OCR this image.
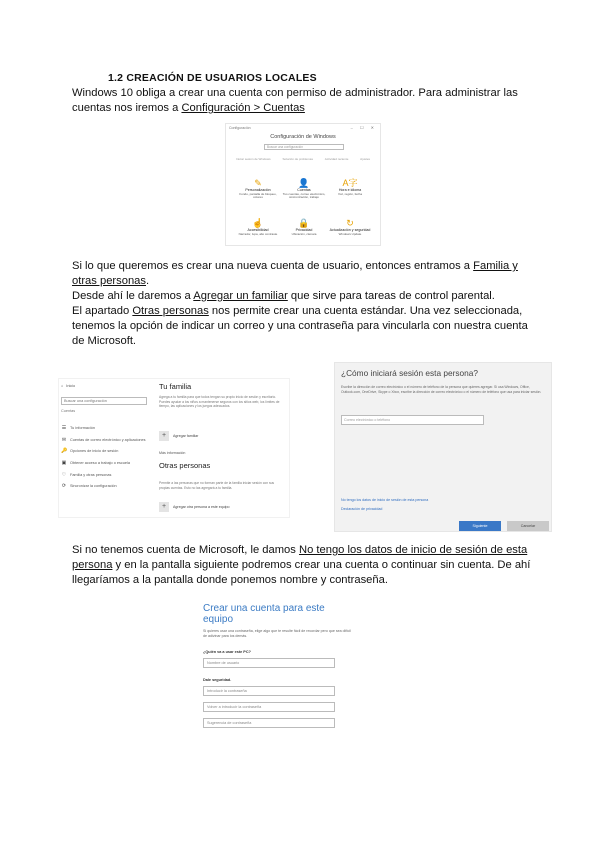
1.2 CREACIÓN DE USUARIOS LOCALES
Windows 10 obliga a crear una cuenta con permiso de administrador. Para administrar las
cuentas nos iremos a Configuración > Cuentas
Configuración	– ☐ ✕
Configuración de Windows
Buscar una configuración
Iniciar sesión de Windows	Solución de problemas	Actividad reciente	Ajustes
✎
Personalización
Fondo, pantalla de bloqueo, colores
👤
Cuentas
Tus cuentas, correo electrónico, sincronización, trabajo
A字
Hora e idioma
Voz, región, fecha
☝
Accesibilidad
Narrador, lupa, alto contraste
🔒
Privacidad
Ubicación, cámara
↻
Actualización y seguridad
Windows Update
Si lo que queremos es crear una nueva cuenta de usuario, entonces entramos a Familia y
otras personas.
Desde ahí le daremos a Agregar un familiar que sirve para tareas de control parental.
El apartado Otras personas nos permite crear una cuenta estándar. Una vez seleccionada,
tenemos la opción de indicar un correo y una contraseña para vincularla con nuestra cuenta
de Microsoft.
⌂ Inicio
Buscar una configuración
Cuentas
☰ Tu información
✉ Cuentas de correo electrónico y aplicaciones
🔑 Opciones de inicio de sesión
▣ Obtener acceso a trabajo o escuela
♡ Familia y otras personas
⟳ Sincronizar la configuración
Tu familia
Agrega a tu familia para que todos tengan su propio inicio de sesión y escritorio. Puedes ayudar a los niños a mantenerse seguros con los sitios web, los límites de tiempo, las aplicaciones y los juegos adecuados.
+	Agregar familiar
Más información
Otras personas
Permite a las personas que no forman parte de la familia iniciar sesión con sus propias cuentas. Esto no las agregará a tu familia.
+	Agregar otra persona a este equipo
¿Cómo iniciará sesión esta persona?
Escribe la dirección de correo electrónico o el número de teléfono de la persona que quieres agregar. Si usa Windows, Office, Outlook.com, OneDrive, Skype o Xbox, escribe la dirección de correo electrónico o el número de teléfono que usa para iniciar sesión.
Correo electrónico o teléfono
No tengo los datos de inicio de sesión de esta persona
Declaración de privacidad
Siguiente	Cancelar
Si no tenemos cuenta de Microsoft, le damos No tengo los datos de inicio de sesión de esta
persona y en la pantalla siguiente podremos crear una cuenta o continuar sin cuenta. De ahí
llegaríamos a la pantalla donde ponemos nombre y contraseña.
Crear una cuenta para este equipo
Si quieres usar una contraseña, elige algo que te resulte fácil de recordar pero que sea difícil de adivinar para los demás.
¿Quién va a usar este PC?
Nombre de usuario
Dale seguridad.
Introducir la contraseña
Volver a introducir la contraseña
Sugerencia de contraseña
